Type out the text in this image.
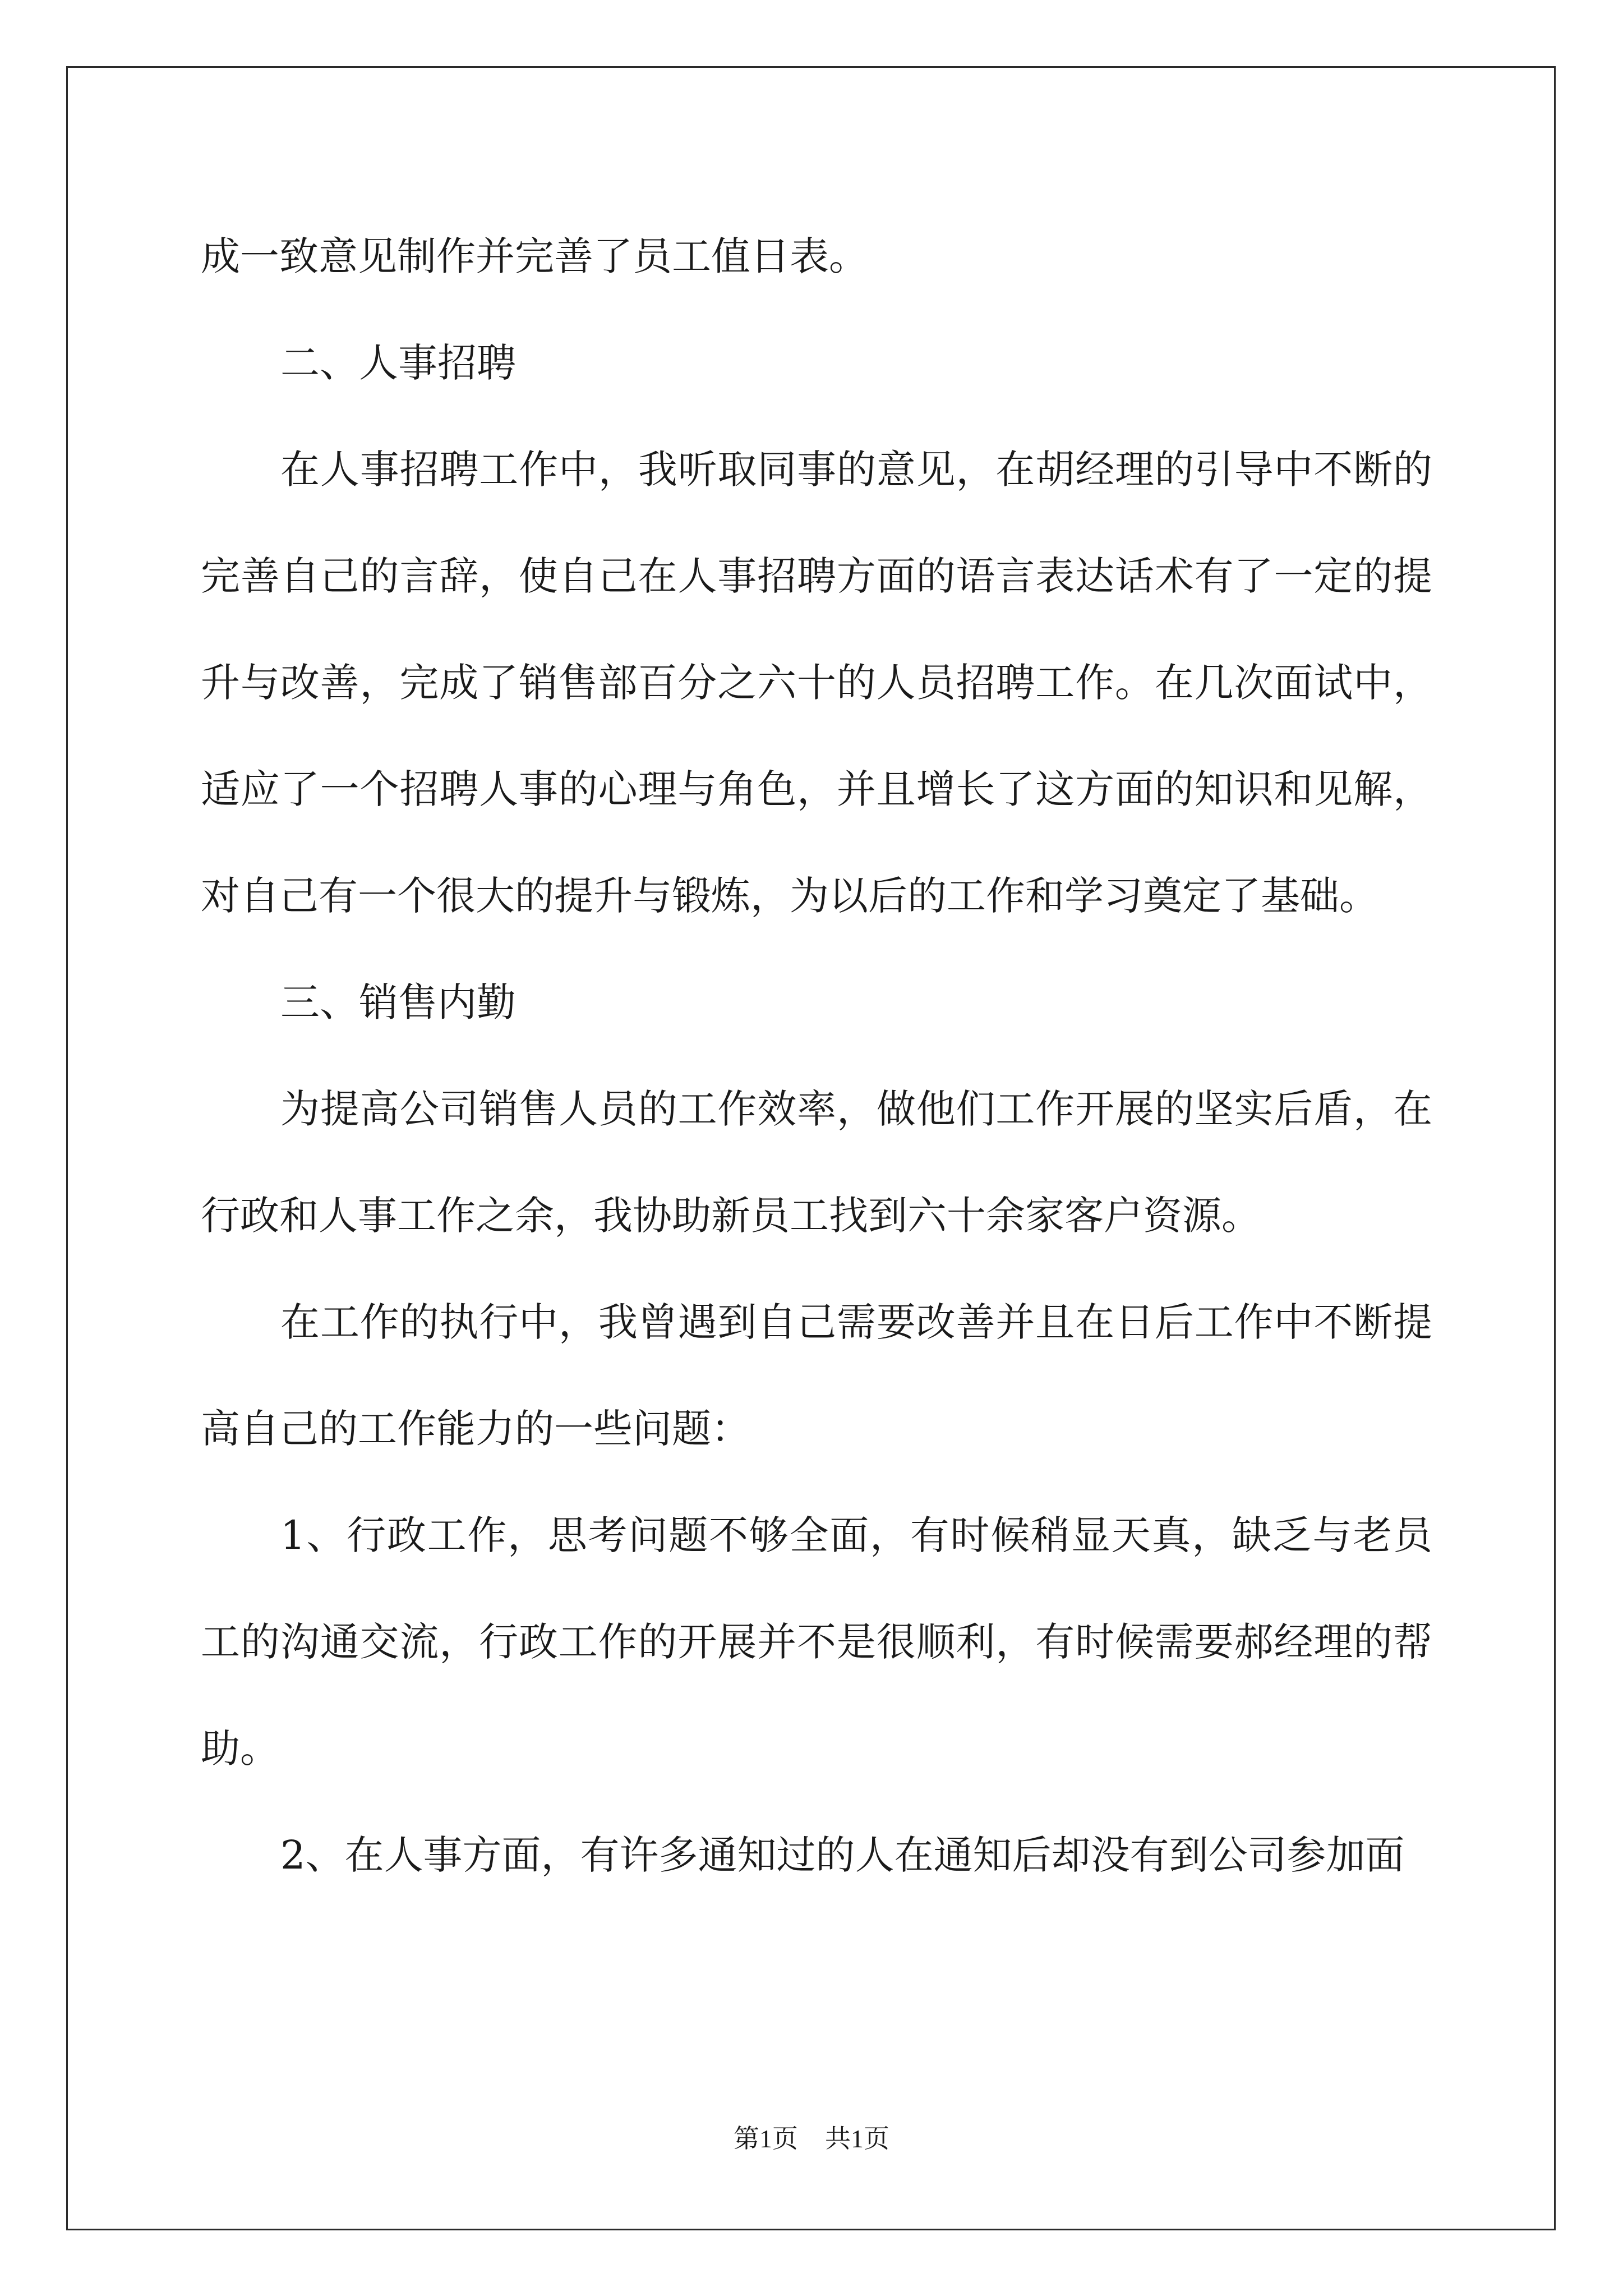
成一致意见制作并完善了员工值日表。

二、人事招聘

在人事招聘工作中，我听取同事的意见，在胡经理的引导中不断的完善自己的言辞，使自己在人事招聘方面的语言表达话术有了一定的提升与改善，完成了销售部百分之六十的人员招聘工作。在几次面试中，适应了一个招聘人事的心理与角色，并且增长了这方面的知识和见解，对自己有一个很大的提升与锻炼，为以后的工作和学习奠定了基础。

三、销售内勤

为提高公司销售人员的工作效率，做他们工作开展的坚实后盾，在行政和人事工作之余，我协助新员工找到六十余家客户资源。

在工作的执行中，我曾遇到自己需要改善并且在日后工作中不断提高自己的工作能力的一些问题：

1、行政工作，思考问题不够全面，有时候稍显天真，缺乏与老员工的沟通交流，行政工作的开展并不是很顺利，有时候需要郝经理的帮助。

2、在人事方面，有许多通知过的人在通知后却没有到公司参加面

第1页 共1页
